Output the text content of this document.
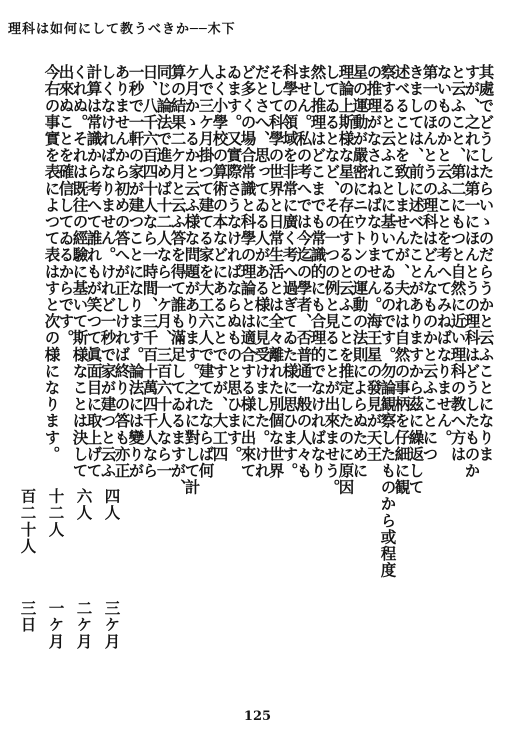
理科は如何にして教うべきか──木下
其處でどうしたらいゝのだらうかと云ふことになりま
すが、之れには第一にほんとうの理科はどうしたものか
と云ふこと、第二にもつと自然に近い理科の教へ方は
ないものかと云ふことを考へてみねばなりません。
第一のほんとうの理科はどんなものかと云ふことにつ
きましては、前に述べたことがありますから茲に繰返して
述べることを致しませんが、夫れは自然の事柄を仔細に観
察すると云ふことに基いてゐるのです。勿論観察したものから或程度
の推理がなされねばなりません。海王星の發見が天王
星の運動が嚴密にニウトンの運動の法則によらぬために
理論上斯様な星の存在すると云ふことを推定したのに原因
してゐるとなど、その一つの例と見ることが出來ませう。
然し推理はどこまでも常識的にも合理的でなければなり
ません。私の考へでは今迄の學者、否普通一般の人々も
科學の領域を非常に廣く考へ過ぎてゐた様に思ひます。
そして科學の世界と日常生活とは全々離れた別個な世界
だとさへ、思ってゐる人がある様に見受けました。けれ
ど多くの場合常識と科學の理論とは適合する様に出來て
ゐます。又實際さうなければならぬものと思ひます。
よく小學校の算術の本などにあることですが、大工四
人で三ケ月掛つて建てる家を大工六人で建てたならば何
ケ月かゝるかと云ふ様な問題があります。之れに對して計
算の結果二ケ月と云ふ答を得て誰も滿足してゐるますが、
同じ論法で進めば十二人なら一ケ月、三百六十人なら一
日、八千六百四十人なら一時間、三千百十萬四千人なら
一秒で一軒の家が建つことになります。論法には變りが
ありませんから初めの答へが正しければ終りの答も亦正
しくなければなりません。けれど一秒で家が建つと云ふ
計算は常識から考へて誰れもが笑つて眞面目に取上げて
くれぬ。それは既往の經驗に基いて斯様なことは決して
出來ぬことを確信してゐるからです。
今右の事實を表によつて表はすと次の様になります。
四人
三ケ月
六人
二ケ月
十二人
一ケ月
百二十人
三日
125
